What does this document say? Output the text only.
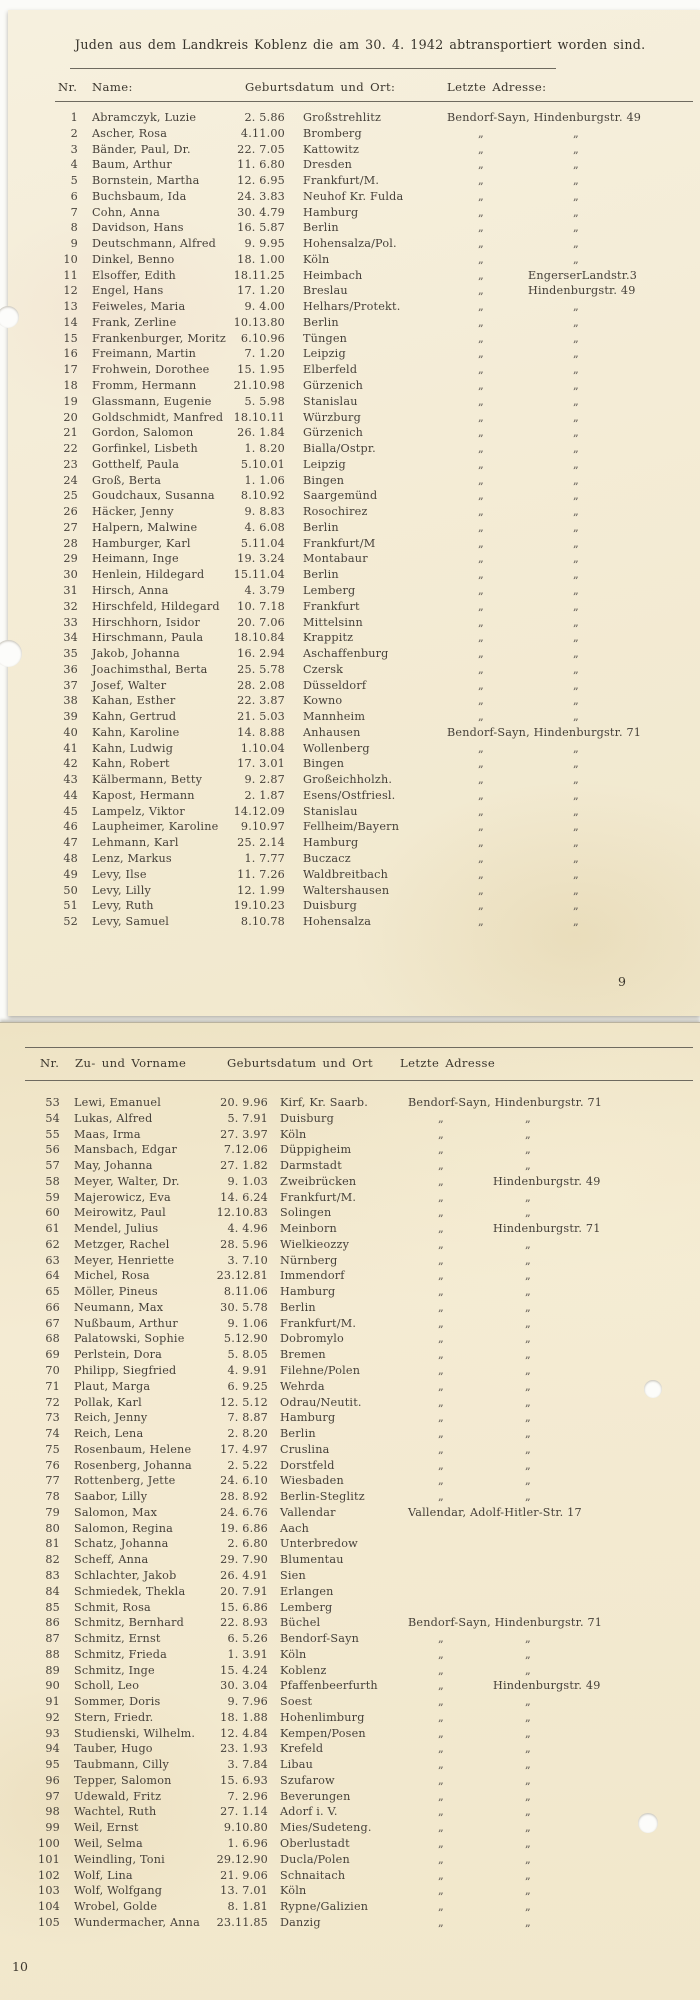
Juden aus dem Landkreis Koblenz die am 30. 4. 1942 abtransportiert worden sind.
Nr. Name:	Geburtsdatum und Ort:	Letzte Adresse:
1 Abramczyk, Luzie	2. 5.86 Großstrehlitz	Bendorf-Sayn, Hindenburgstr. 49
2 Ascher, Rosa	4.11.00 Bromberg	„	„
3 Bänder, Paul, Dr.	22. 7.05 Kattowitz	„	„
4 Baum, Arthur	11. 6.80 Dresden	„	„
5 Bornstein, Martha	12. 6.95 Frankfurt/M.	„	„
6 Buchsbaum, Ida	24. 3.83 Neuhof Kr. Fulda	„	„
7 Cohn, Anna	30. 4.79 Hamburg	„	„
8 Davidson, Hans	16. 5.87 Berlin	„	„
9 Deutschmann, Alfred	9. 9.95 Hohensalza/Pol.	„	„
10 Dinkel, Benno	18. 1.00 Köln	„	„
11 Elsoffer, Edith	18.11.25 Heimbach	„	EngerserLandstr.3
12 Engel, Hans	17. 1.20 Breslau	„	Hindenburgstr. 49
13 Feiweles, Maria	9. 4.00 Helhars/Protekt.	„	„
14 Frank, Zerline	10.13.80 Berlin	„	„
15 Frankenburger, Moritz	6.10.96 Tüngen	„	„
16 Freimann, Martin	7. 1.20 Leipzig	„	„
17 Frohwein, Dorothee	15. 1.95 Elberfeld	„	„
18 Fromm, Hermann	21.10.98 Gürzenich	„	„
19 Glassmann, Eugenie	5. 5.98 Stanislau	„	„
20 Goldschmidt, Manfred 18.10.11 Würzburg	„	„
21 Gordon, Salomon	26. 1.84 Gürzenich	„	„
22 Gorfinkel, Lisbeth	1. 8.20 Bialla/Ostpr.	„	„
23 Gotthelf, Paula	5.10.01 Leipzig	„	„
24 Groß, Berta	1. 1.06 Bingen	„	„
25 Goudchaux, Susanna	8.10.92 Saargemünd	„	„
26 Häcker, Jenny	9. 8.83 Rosochirez	„	„
27 Halpern, Malwine	4. 6.08 Berlin	„	„
28 Hamburger, Karl	5.11.04 Frankfurt/M	„	„
29 Heimann, Inge	19. 3.24 Montabaur	„	„
30 Henlein, Hildegard	15.11.04 Berlin	„	„
31 Hirsch, Anna	4. 3.79 Lemberg	„	„
32 Hirschfeld, Hildegard	10. 7.18 Frankfurt	„	„
33 Hirschhorn, Isidor	20. 7.06 Mittelsinn	„	„
34 Hirschmann, Paula	18.10.84 Krappitz	„	„
35 Jakob, Johanna	16. 2.94 Aschaffenburg	„	„
36 Joachimsthal, Berta	25. 5.78 Czersk	„	„
37 Josef, Walter	28. 2.08 Düsseldorf	„	„
38 Kahan, Esther	22. 3.87 Kowno	„	„
39 Kahn, Gertrud	21. 5.03 Mannheim	„	„
40 Kahn, Karoline	14. 8.88 Anhausen	Bendorf-Sayn, Hindenburgstr. 71
41 Kahn, Ludwig	1.10.04 Wollenberg	„	„
42 Kahn, Robert	17. 3.01 Bingen	„	„
43 Kälbermann, Betty	9. 2.87 Großeichholzh.	„	„
44 Kapost, Hermann	2. 1.87 Esens/Ostfriesl.	„	„
45 Lampelz, Viktor	14.12.09 Stanislau	„	„
46 Laupheimer, Karoline	9.10.97 Fellheim/Bayern	„	„
47 Lehmann, Karl	25. 2.14 Hamburg	„	„
48 Lenz, Markus	1. 7.77 Buczacz	„	„
49 Levy, Ilse	11. 7.26 Waldbreitbach	„	„
50 Levy, Lilly	12. 1.99 Waltershausen	„	„
51 Levy, Ruth	19.10.23 Duisburg	„	„
52 Levy, Samuel	8.10.78 Hohensalza	„	„
9
Nr. Zu- und Vorname	Geburtsdatum und Ort Letzte Adresse
53 Lewi, Emanuel	20. 9.96 Kirf, Kr. Saarb.	Bendorf-Sayn, Hindenburgstr. 71
54 Lukas, Alfred	5. 7.91 Duisburg	„	„
55 Maas, Irma	27. 3.97 Köln	„	„
56 Mansbach, Edgar	7.12.06 Düppigheim	„	„
57 May, Johanna	27. 1.82 Darmstadt	„	„
58 Meyer, Walter, Dr.	9. 1.03 Zweibrücken	„	Hindenburgstr. 49
59 Majerowicz, Eva	14. 6.24 Frankfurt/M.	„	„
60 Meirowitz, Paul	12.10.83 Solingen	„	„
61 Mendel, Julius	4. 4.96 Meinborn	„	Hindenburgstr. 71
62 Metzger, Rachel	28. 5.96 Wielkieozzy	„	„
63 Meyer, Henriette	3. 7.10 Nürnberg	„	„
64 Michel, Rosa	23.12.81 Immendorf	„	„
65 Möller, Pineus	8.11.06 Hamburg	„	„
66 Neumann, Max	30. 5.78 Berlin	„	„
67 Nußbaum, Arthur	9. 1.06 Frankfurt/M.	„	„
68 Palatowski, Sophie	5.12.90 Dobromylo	„	„
69 Perlstein, Dora	5. 8.05 Bremen	„	„
70 Philipp, Siegfried	4. 9.91 Filehne/Polen	„	„
71 Plaut, Marga	6. 9.25 Wehrda	„	„
72 Pollak, Karl	12. 5.12 Odrau/Neutit.	„	„
73 Reich, Jenny	7. 8.87 Hamburg	„	„
74 Reich, Lena	2. 8.20 Berlin	„	„
75 Rosenbaum, Helene	17. 4.97 Cruslina	„	„
76 Rosenberg, Johanna	2. 5.22 Dorstfeld	„	„
77 Rottenberg, Jette	24. 6.10 Wiesbaden	„	„
78 Saabor, Lilly	28. 8.92 Berlin-Steglitz	„	„
79 Salomon, Max	24. 6.76 Vallendar	Vallendar, Adolf-Hitler-Str. 17
80 Salomon, Regina	19. 6.86 Aach
81 Schatz, Johanna	2. 6.80 Unterbredow
82 Scheff, Anna	29. 7.90 Blumentau
83 Schlachter, Jakob	26. 4.91 Sien
84 Schmiedek, Thekla	20. 7.91 Erlangen
85 Schmit, Rosa	15. 6.86 Lemberg
86 Schmitz, Bernhard	22. 8.93 Büchel	Bendorf-Sayn, Hindenburgstr. 71
87 Schmitz, Ernst	6. 5.26 Bendorf-Sayn	„	„
88 Schmitz, Frieda	1. 3.91 Köln	„	„
89 Schmitz, Inge	15. 4.24 Koblenz	„	„
90 Scholl, Leo	30. 3.04 Pfaffenbeerfurth	„	Hindenburgstr. 49
91 Sommer, Doris	9. 7.96 Soest	„	„
92 Stern, Friedr.	18. 1.88 Hohenlimburg	„	„
93 Studienski, Wilhelm.	12. 4.84 Kempen/Posen	„	„
94 Tauber, Hugo	23. 1.93 Krefeld	„	„
95 Taubmann, Cilly	3. 7.84 Libau	„	„
96 Tepper, Salomon	15. 6.93 Szufarow	„	„
97 Udewald, Fritz	7. 2.96 Beverungen	„	„
98 Wachtel, Ruth	27. 1.14 Adorf i. V.	„	„
99 Weil, Ernst	9.10.80 Mies/Sudeteng.	„	„
100 Weil, Selma	1. 6.96 Oberlustadt	„	„
101 Weindling, Toni	29.12.90 Ducla/Polen	„	„
102 Wolf, Lina	21. 9.06 Schnaitach	„	„
103 Wolf, Wolfgang	13. 7.01 Köln	„	„
104 Wrobel, Golde	8. 1.81 Rypne/Galizien	„	„
105 Wundermacher, Anna	23.11.85 Danzig	„	„
10
